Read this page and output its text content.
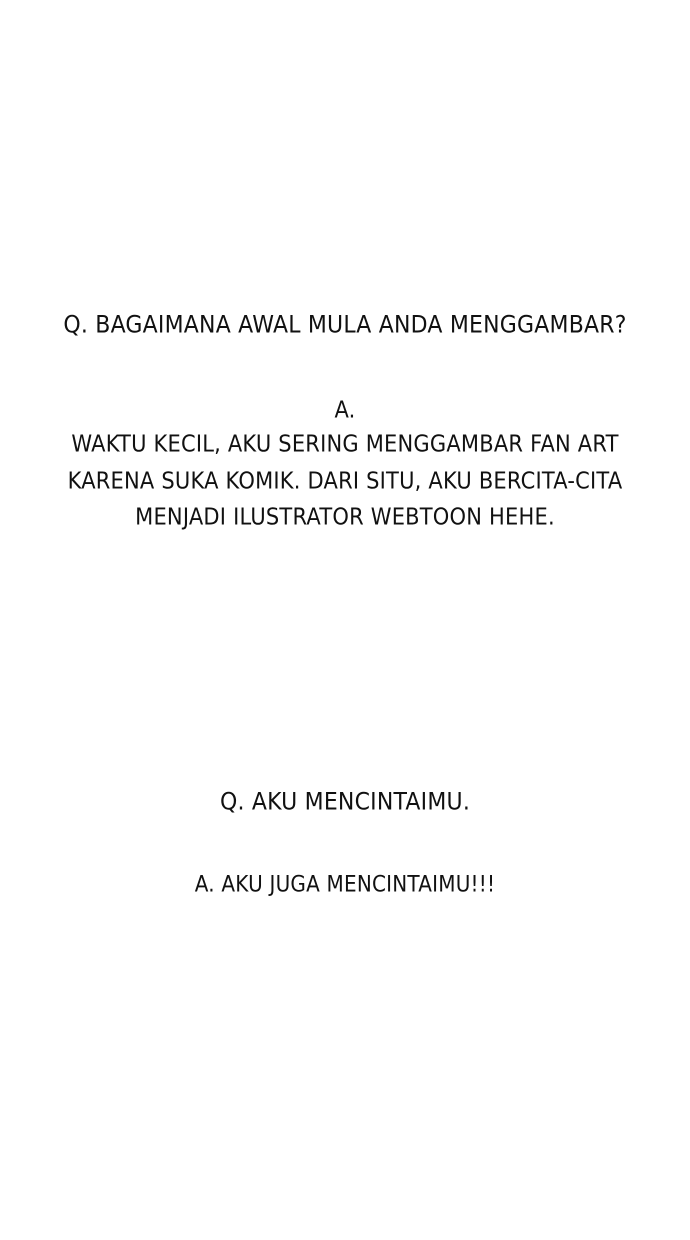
Q. BAGAIMANA AWAL MULA ANDA MENGGAMBAR?
A.
WAKTU KECIL, AKU SERING MENGGAMBAR FAN ART
KARENA SUKA KOMIK. DARI SITU, AKU BERCITA-CITA
MENJADI ILUSTRATOR WEBTOON HEHE.
Q. AKU MENCINTAIMU.
A. AKU JUGA MENCINTAIMU!!!
